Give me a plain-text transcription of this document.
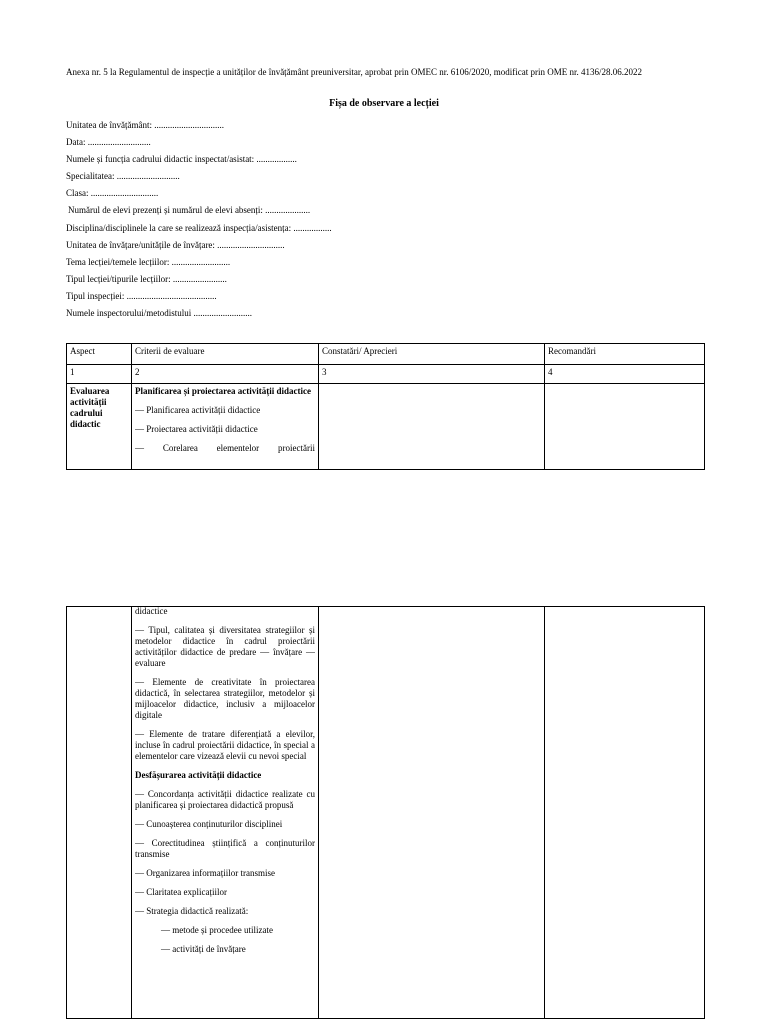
Anexa nr. 5 la Regulamentul de inspecție a unităților de învățământ preuniversitar, aprobat prin OMEC nr. 6106/2020, modificat prin OME nr. 4136/28.06.2022
Fișa de observare a lecției
Unitatea de învățământ: ...............................
Data: ............................
Numele și funcția cadrului didactic inspectat/asistat: ..................
Specialitatea: ............................
Clasa: ..............................
Numărul de elevi prezenți și numărul de elevi absenți: ....................
Disciplina/disciplinele la care se realizează inspecția/asistența: .................
Unitatea de învățare/unitățile de învățare: ..............................
Tema lecției/temele lecțiilor: ..........................
Tipul lecției/tipurile lecțiilor: ........................
Tipul inspecției: ........................................
Numele inspectorului/metodistului ..........................
Aspect	Criterii de evaluare	Constatări/ Aprecieri	Recomandări
1	2	3	4

Evaluarea activității cadrului didactic	Planificarea și proiectarea activității didactice
— Planificarea activității didactice
— Proiectarea activității didactice
— Corelarea elementelor proiectării		

didactice
— Tipul, calitatea și diversitatea strategiilor și metodelor didactice în cadrul proiectării activităților didactice de predare — învățare — evaluare
— Elemente de creativitate în proiectarea didactică, în selectarea strategiilor, metodelor și mijloacelor didactice, inclusiv a mijloacelor digitale
— Elemente de tratare diferențiată a elevilor, incluse în cadrul proiectării didactice, în special a elementelor care vizează elevii cu nevoi special
Desfășurarea activității didactice
— Concordanța activității didactice realizate cu planificarea și proiectarea didactică propusă
— Cunoașterea conținuturilor disciplinei
— Corectitudinea științifică a conținuturilor transmise
— Organizarea informațiilor transmise
— Claritatea explicațiilor
— Strategia didactică realizată:
— metode și procedee utilizate
— activități de învățare
